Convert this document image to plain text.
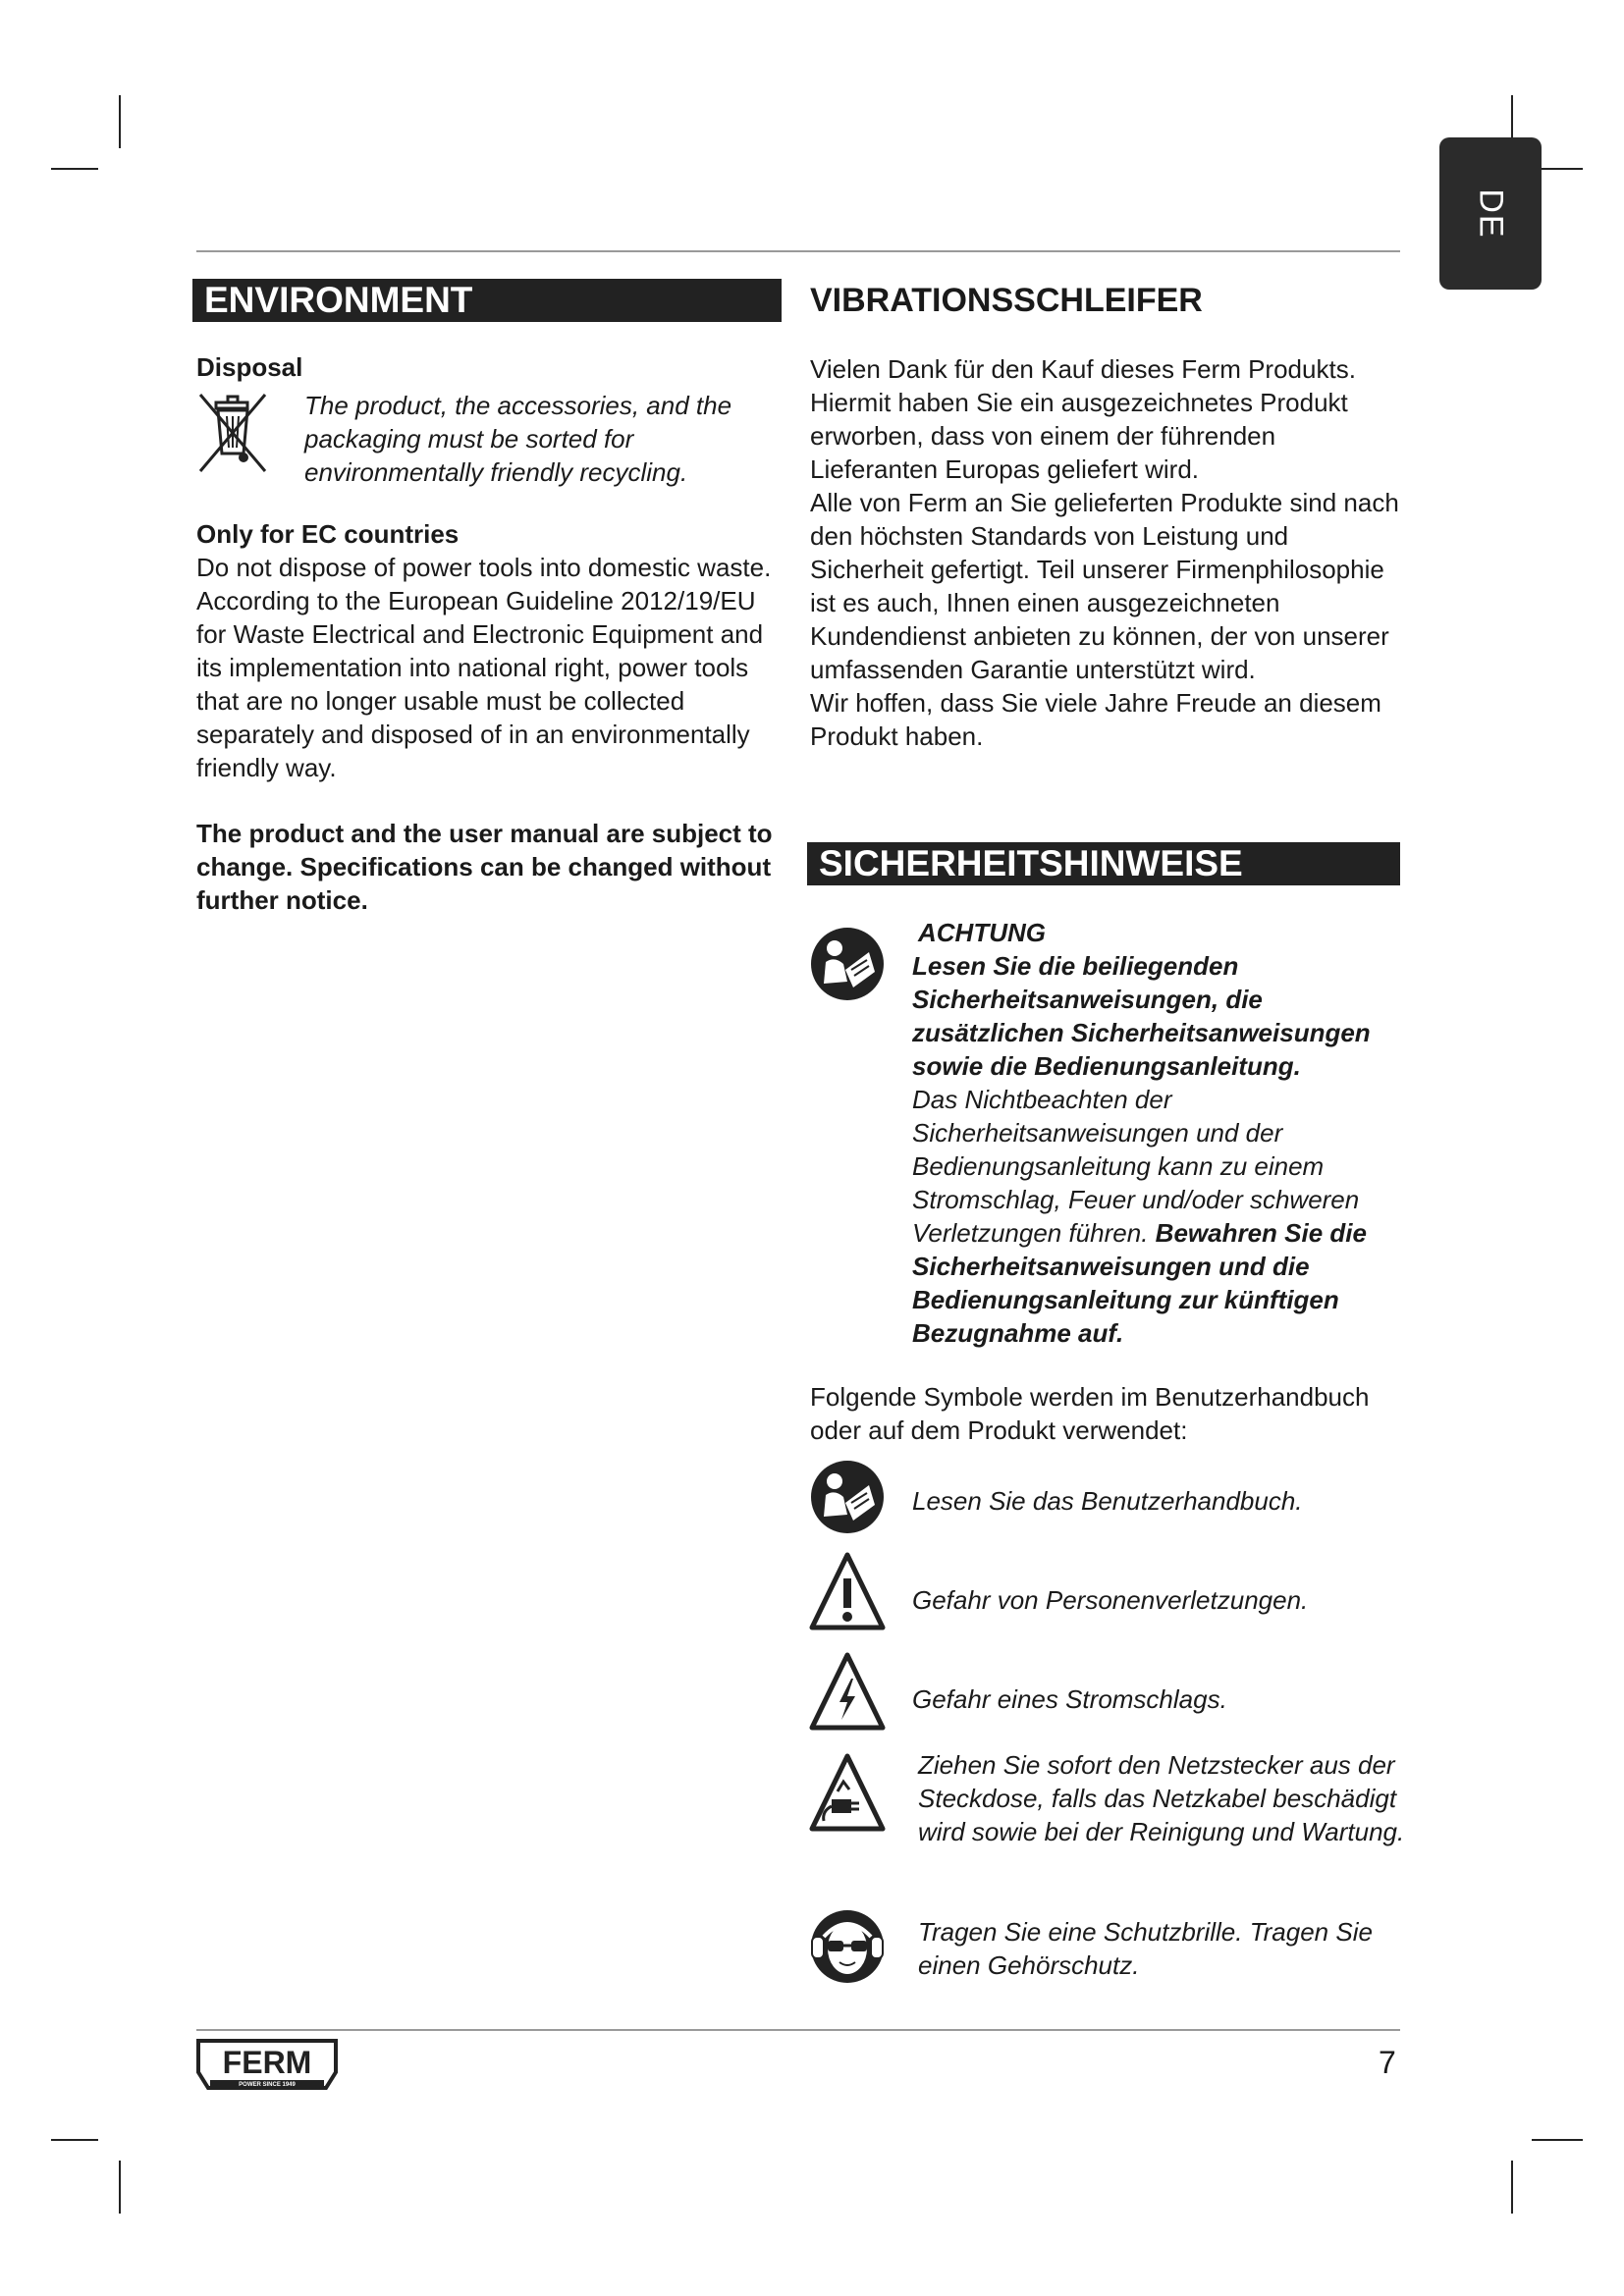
DE
ENVIRONMENT
Disposal
The product, the accessories, and the packaging must be sorted for environmentally friendly recycling.
Only for EC countries
Do not dispose of power tools into domestic waste. According to the European Guideline 2012/19/EU for Waste Electrical and Electronic Equipment and its implementation into national right, power tools that are no longer usable must be collected separately and disposed of in an environmentally friendly way.
The product and the user manual are subject to change. Specifications can be changed without further notice.
VIBRATIONSSCHLEIFER

Vielen Dank für den Kauf dieses Ferm Produkts. Hiermit haben Sie ein ausgezeichnetes Produkt erworben, dass von einem der führenden Lieferanten Europas geliefert wird.

Alle von Ferm an Sie gelieferten Produkte sind nach den höchsten Standards von Leistung und Sicherheit gefertigt. Teil unserer Firmenphilosophie ist es auch, Ihnen einen ausgezeichneten Kundendienst anbieten zu können, der von unserer umfassenden Garantie unterstützt wird.

Wir hoffen, dass Sie viele Jahre Freude an diesem Produkt haben.

SICHERHEITSHINWEISE

ACHTUNG

Lesen Sie die beiliegenden Sicherheitsanweisungen, die zusätzlichen Sicherheitsanweisungen sowie die Bedienungsanleitung.

Das Nichtbeachten der Sicherheitsanweisungen und der Bedienungsanleitung kann zu einem Stromschlag, Feuer und/oder schweren Verletzungen führen. Bewahren Sie die Sicherheitsanweisungen und die Bedienungsanleitung zur künftigen Bezugnahme auf.

Folgende Symbole werden im Benutzerhandbuch oder auf dem Produkt verwendet:
Lesen Sie das Benutzerhandbuch.
Gefahr von Personenverletzungen.
Gefahr eines Stromschlags.
Ziehen Sie sofort den Netzstecker aus der Steckdose, falls das Netzkabel beschädigt wird sowie bei der Reinigung und Wartung.
Tragen Sie eine Schutzbrille. Tragen Sie einen Gehörschutz.
FERM
POWER SINCE 1949
7
